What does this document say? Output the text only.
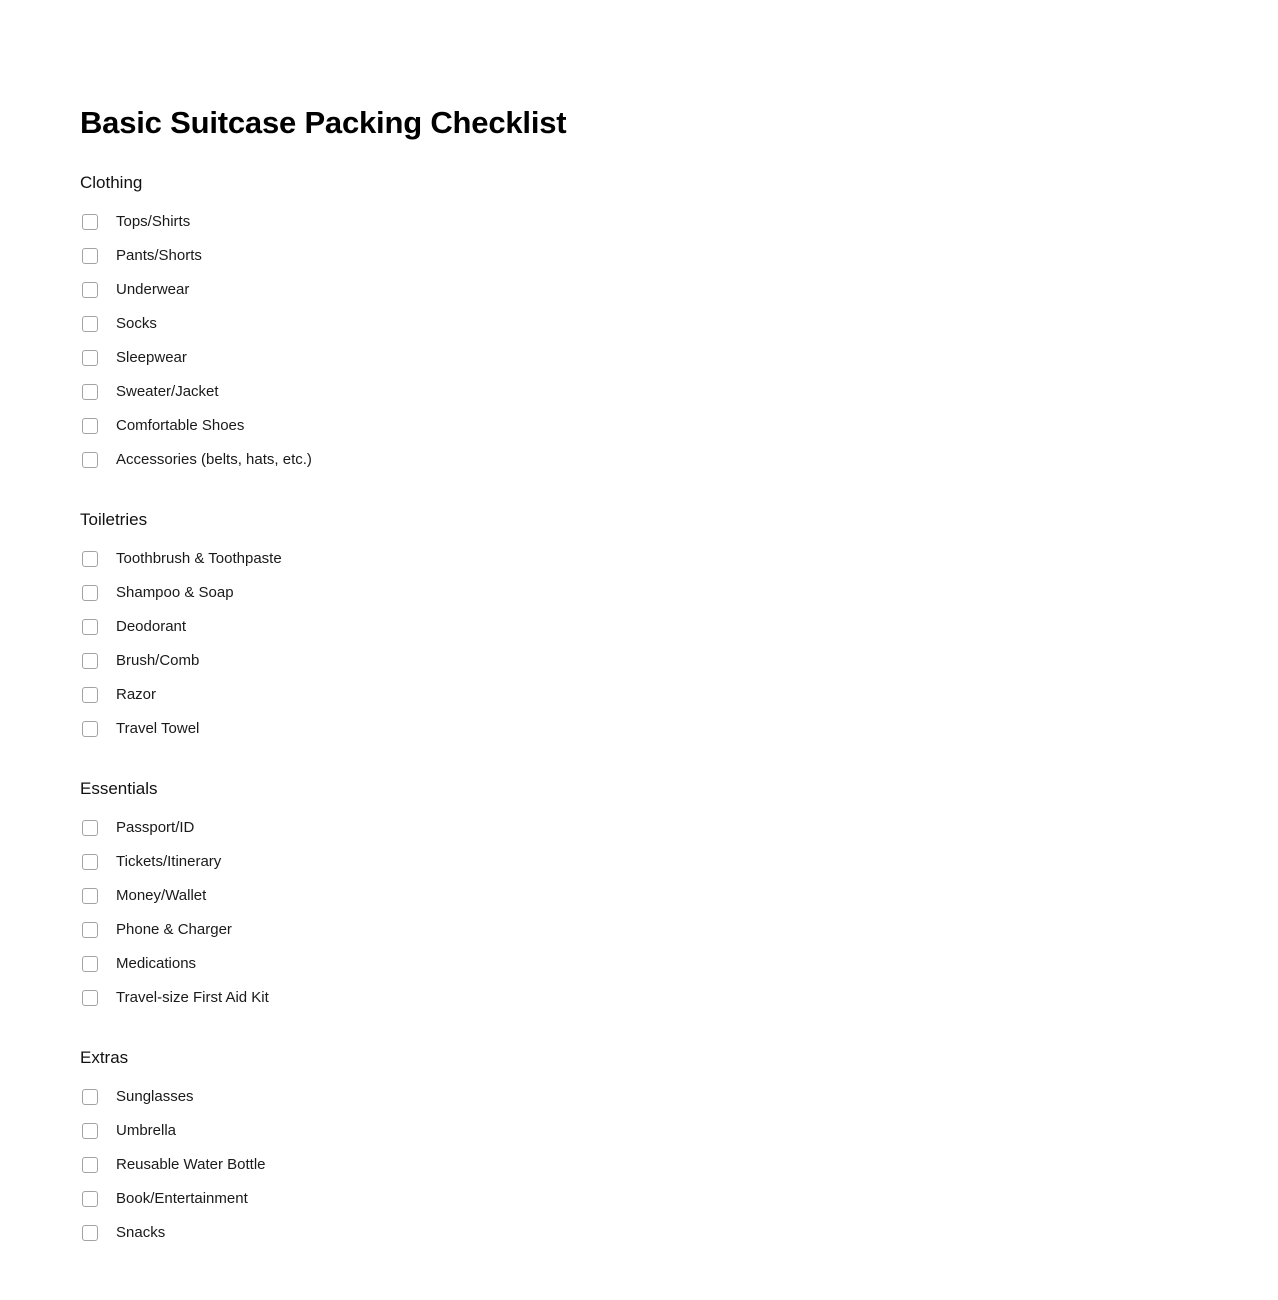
Basic Suitcase Packing Checklist
Clothing
Tops/Shirts
Pants/Shorts
Underwear
Socks
Sleepwear
Sweater/Jacket
Comfortable Shoes
Accessories (belts, hats, etc.)
Toiletries
Toothbrush & Toothpaste
Shampoo & Soap
Deodorant
Brush/Comb
Razor
Travel Towel
Essentials
Passport/ID
Tickets/Itinerary
Money/Wallet
Phone & Charger
Medications
Travel-size First Aid Kit
Extras
Sunglasses
Umbrella
Reusable Water Bottle
Book/Entertainment
Snacks
